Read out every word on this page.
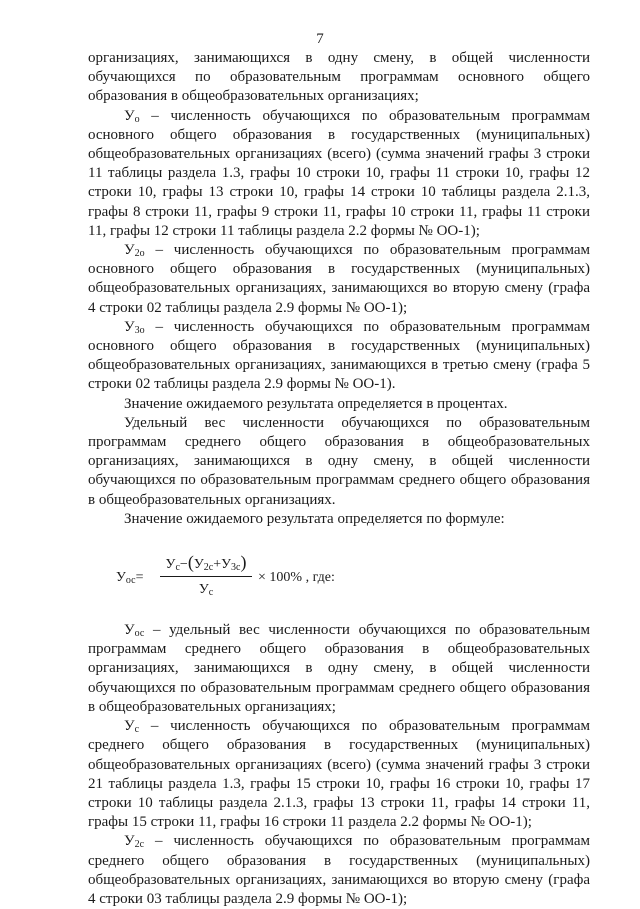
7

организациях, занимающихся в одну смену, в общей численности обучающихся по образовательным программам основного общего образования в общеобразовательных организациях;

$У_о$ – численность обучающихся по образовательным программам основного общего образования в государственных (муниципальных) общеобразовательных организациях (всего) (сумма значений графы 3 строки 11 таблицы раздела 1.3, графы 10 строки 10, графы 11 строки 10, графы 12 строки 10, графы 13 строки 10, графы 14 строки 10 таблицы раздела 2.1.3, графы 8 строки 11, графы 9 строки 11, графы 10 строки 11, графы 11 строки 11, графы 12 строки 11 таблицы раздела 2.2 формы № ОО-1);

$У_{2о}$ – численность обучающихся по образовательным программам основного общего образования в государственных (муниципальных) общеобразовательных организациях, занимающихся во вторую смену (графа 4 строки 02 таблицы раздела 2.9 формы № ОО-1);

$У_{3о}$ – численность обучающихся по образовательным программам основного общего образования в государственных (муниципальных) общеобразовательных организациях, занимающихся в третью смену (графа 5 строки 02 таблицы раздела 2.9 формы № ОО-1).

Значение ожидаемого результата определяется в процентах.

Удельный вес численности обучающихся по образовательным программам среднего общего образования в общеобразовательных организациях, занимающихся в одну смену, в общей численности обучающихся по образовательным программам среднего общего образования в общеобразовательных организациях.

Значение ожидаемого результата определяется по формуле:

$У_{ос}=$
$У_с-(У_{2с}+У_{3с})$
$У_с$
× 100% , где:

$У_{ос}$ – удельный вес численности обучающихся по образовательным программам среднего общего образования в общеобразовательных организациях, занимающихся в одну смену, в общей численности обучающихся по образовательным программам среднего общего образования в общеобразовательных организациях;

$У_с$ – численность обучающихся по образовательным программам среднего общего образования в государственных (муниципальных) общеобразовательных организациях (всего) (сумма значений графы 3 строки 21 таблицы раздела 1.3, графы 15 строки 10, графы 16 строки 10, графы 17 строки 10 таблицы раздела 2.1.3, графы 13 строки 11, графы 14 строки 11, графы 15 строки 11, графы 16 строки 11 раздела 2.2 формы № ОО-1);

$У_{2с}$ – численность обучающихся по образовательным программам среднего общего образования в государственных (муниципальных) общеобразовательных организациях, занимающихся во вторую смену (графа 4 строки 03 таблицы раздела 2.9 формы № ОО-1);
